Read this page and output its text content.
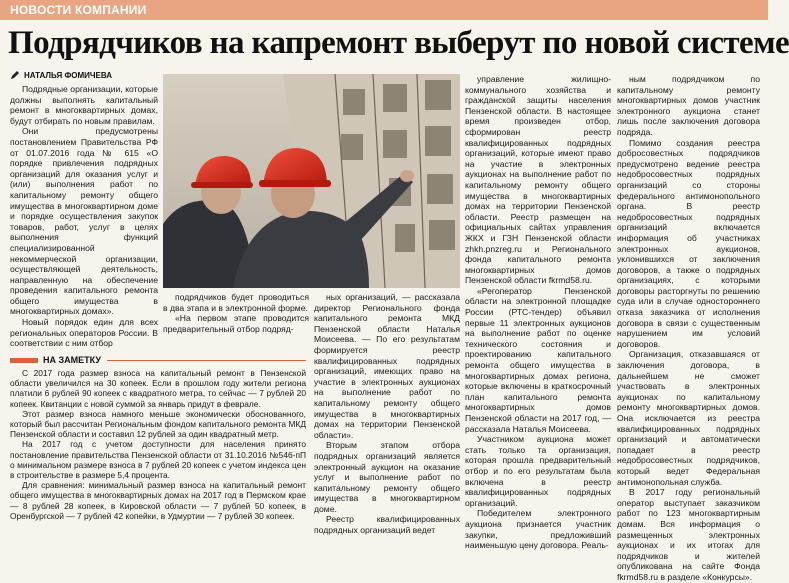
НОВОСТИ КОМПАНИИ
Подрядчиков на капремонт выберут по новой системе
НАТАЛЬЯ ФОМИЧЕВА

Подрядные организации, которые должны выполнять капитальный ремонт в многоквартирных домах, будут отбирать по новым правилам.

Они предусмотрены постановлением Правительства РФ от 01.07.2016 года № 615 «О порядке привлечения подрядных организаций для оказания услуг и (или) выполнения работ по капитальному ремонту общего имущества в многоквартирном доме и порядке осуществления закупок товаров, работ, услуг в целях выполнения функций специализированной некоммерческой организации, осуществляющей деятельность, направленную на обеспечение проведения капитального ремонта общего имущества в многоквартирных домах».

Новый порядок един для всех региональных операторов России. В соответствии с ним отбор

подрядчиков будет проводиться в два этапа и в электронной форме.

«На первом этапе проводится предварительный отбор подряд-

ных организаций, — рассказала директор Регионального фонда капитального ремонта МКД Пензенской области Наталья Моисеева. — По его результатам формируется реестр квалифицированных подрядных организаций, имеющих право на участие в электронных аукционах на выполнение работ по капитальному ремонту общего имущества в многоквартирных домах на территории Пензенской области».

Вторым этапом отбора подрядных организаций является электронный аукцион на оказание услуг и выполнение работ по капитальному ремонту общего имущества в многоквартирном доме.

Реестр квалифицированных подрядных организаций ведет

управление жилищно-коммунального хозяйства и гражданской защиты населения Пензенской области. В настоящее время произведен отбор, сформирован реестр квалифицированных подрядных организаций, которые имеют право на участие в электронных аукционах на выполнение работ по капитальному ремонту общего имущества в многоквартирных домах на территории Пензенской области. Реестр размещен на официальных сайтах управления ЖКХ и ГЗН Пензенской области zhkh.pnzreg.ru и Регионального фонда капитального ремонта многоквартирных домов Пензенской области fkrmd58.ru.

«Регоператор Пензенской области на электронной площадке России (РТС-тендер) объявил первые 11 электронных аукционов на выполнение работ по оценке технического состояния и проектированию капитального ремонта общего имущества в многоквартирных домах региона, которые включены в краткосрочный план капитального ремонта многоквартирных домов Пензенской области на 2017 год, — рассказала Наталья Моисеева.

Участником аукциона может стать только та организация, которая прошла предварительный отбор и по его результатам была включена в реестр квалифицированных подрядных организаций.

Победителем электронного аукциона признается участник закупки, предложивший наименьшую цену договора. Реаль-

ным подрядчиком по капитальному ремонту многоквартирных домов участник электронного аукциона станет лишь после заключения договора подряда.

Помимо создания реестра добросовестных подрядчиков предусмотрено ведение реестра недобросовестных подрядных организаций со стороны федерального антимонопольного органа. В реестр недобросовестных подрядных организаций включается информация об участниках электронных аукционов, уклонившихся от заключения договоров, а также о подрядных организациях, с которыми договоры расторгнуты по решению суда или в случае одностороннего отказа заказчика от исполнения договора в связи с существенным нарушением им условий договоров.

Организация, отказавшаяся от заключения договора, в дальнейшем не сможет участвовать в электронных аукционах по капитальному ремонту многоквартирных домов. Она исключается из реестра квалифицированных подрядных организаций и автоматически попадает в реестр недобросовестных подрядчиков, который ведет Федеральная антимонопольная служба.

В 2017 году региональный оператор выступает заказчиком работ по 123 многоквартирным домам. Вся информация о размещенных электронных аукционах и их итогах для подрядчиков и жителей опубликована на сайте Фонда fkrmd58.ru в разделе «Конкурсы».

НА ЗАМЕТКУ

С 2017 года размер взноса на капитальный ремонт в Пензенской области увеличился на 30 копеек. Если в прошлом году жители региона платили 6 рублей 90 копеек с квадратного метра, то сейчас — 7 рублей 20 копеек. Квитанции с новой суммой за январь придут в феврале.

Этот размер взноса намного меньше экономически обоснованного, который был рассчитан Региональным фондом капитального ремонта МКД Пензенской области и составил 12 рублей за один квадратный метр.

На 2017 год с учетом доступности для населения принято постановление правительства Пензенской области от 31.10.2016 №546-пП о минимальном размере взноса в 7 рублей 20 копеек с учетом индекса цен в строительстве в размере 5,4 процента.

Для сравнения: минимальный размер взноса на капитальный ремонт общего имущества в многоквартирных домах на 2017 год в Пермском крае — 8 рублей 28 копеек, в Кировской области — 7 рублей 50 копеек, в Оренбургской — 7 рублей 42 копейки, в Удмуртии — 7 рублей 30 копеек.
